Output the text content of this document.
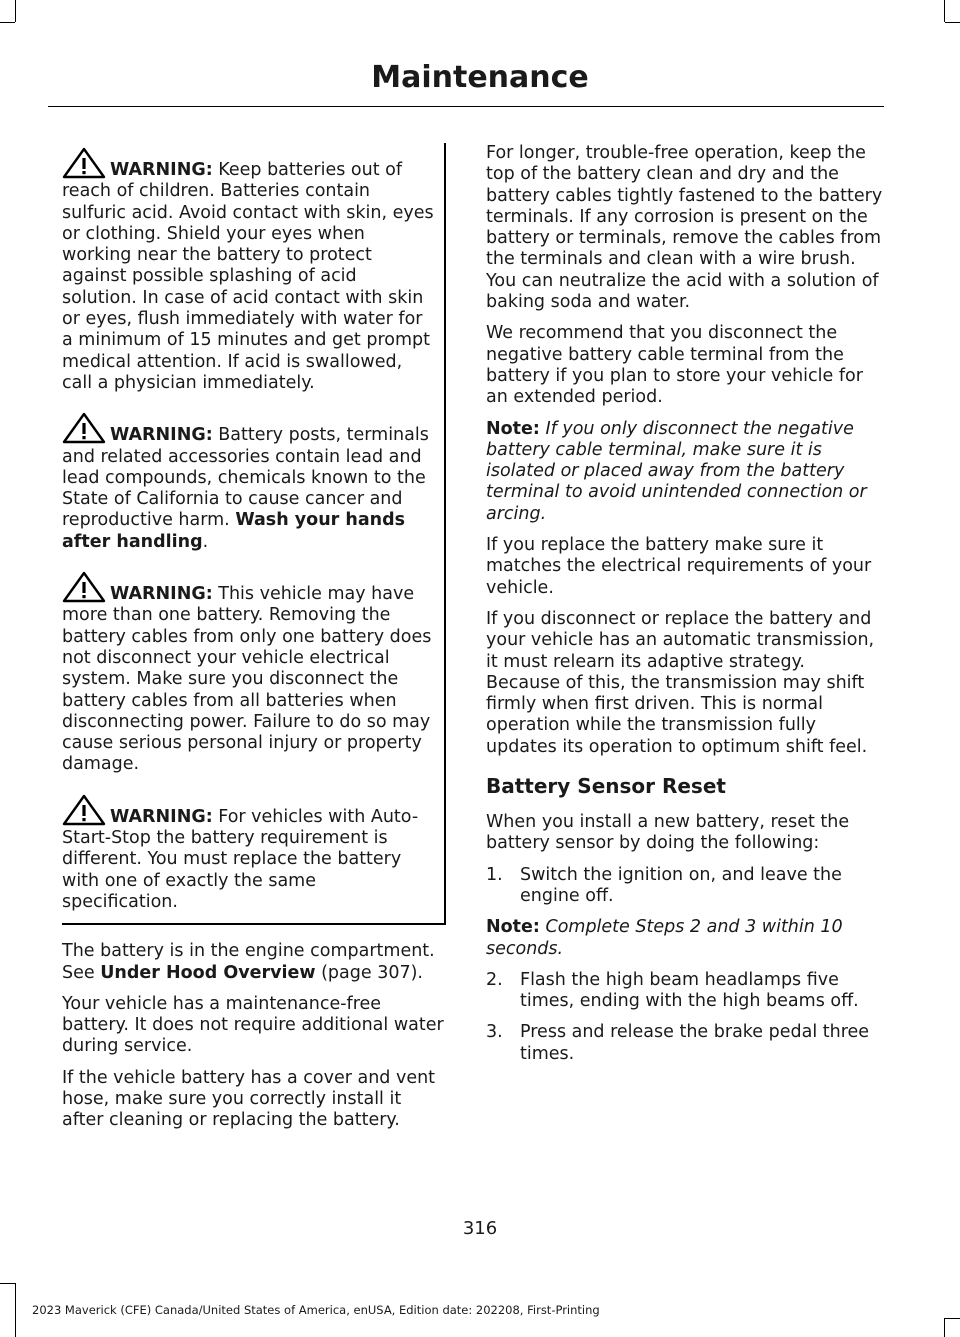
Maintenance
WARNING: Keep batteries out of reach of children. Batteries contain sulfuric acid. Avoid contact with skin, eyes or clothing. Shield your eyes when working near the battery to protect against possible splashing of acid solution. In case of acid contact with skin or eyes, flush immediately with water for a minimum of 15 minutes and get prompt medical attention. If acid is swallowed, call a physician immediately.
WARNING: Battery posts, terminals and related accessories contain lead and lead compounds, chemicals known to the State of California to cause cancer and reproductive harm. Wash your hands after handling.
WARNING: This vehicle may have more than one battery. Removing the battery cables from only one battery does not disconnect your vehicle electrical system. Make sure you disconnect the battery cables from all batteries when disconnecting power. Failure to do so may cause serious personal injury or property damage.
WARNING: For vehicles with Auto-Start-Stop the battery requirement is different. You must replace the battery with one of exactly the same specification.

The battery is in the engine compartment. See Under Hood Overview (page 307).

Your vehicle has a maintenance-free battery. It does not require additional water during service.

If the vehicle battery has a cover and vent hose, make sure you correctly install it after cleaning or replacing the battery.

For longer, trouble-free operation, keep the top of the battery clean and dry and the battery cables tightly fastened to the battery terminals. If any corrosion is present on the battery or terminals, remove the cables from the terminals and clean with a wire brush. You can neutralize the acid with a solution of baking soda and water.

We recommend that you disconnect the negative battery cable terminal from the battery if you plan to store your vehicle for an extended period.

Note: If you only disconnect the negative battery cable terminal, make sure it is isolated or placed away from the battery terminal to avoid unintended connection or arcing.

If you replace the battery make sure it matches the electrical requirements of your vehicle.

If you disconnect or replace the battery and your vehicle has an automatic transmission, it must relearn its adaptive strategy. Because of this, the transmission may shift firmly when first driven. This is normal operation while the transmission fully updates its operation to optimum shift feel.

Battery Sensor Reset

When you install a new battery, reset the battery sensor by doing the following:

1. Switch the ignition on, and leave the engine off.

Note: Complete Steps 2 and 3 within 10 seconds.

2. Flash the high beam headlamps five times, ending with the high beams off.
3. Press and release the brake pedal three times.
316
2023 Maverick (CFE) Canada/United States of America, enUSA, Edition date: 202208, First-Printing
